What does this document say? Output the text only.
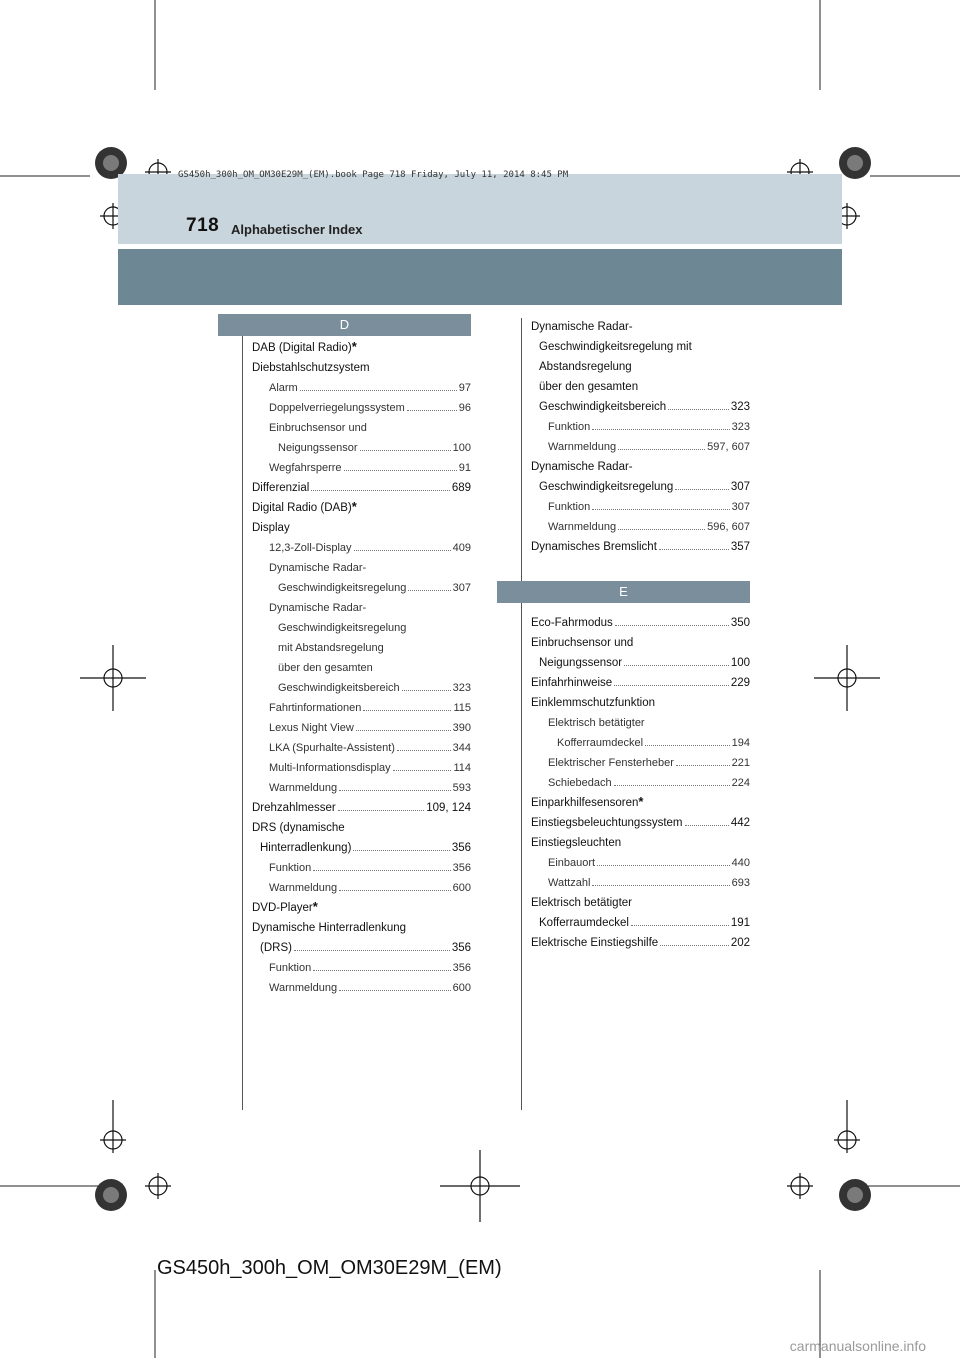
GS450h_300h_OM_OM30E29M_(EM).book Page 718 Friday, July 11, 2014 8:45 PM
718 Alphabetischer Index
D
DAB (Digital Radio) *
Diebstahlschutzsystem
Alarm	97
Doppelverriegelungssystem	96
Einbruchsensor und
Neigungssensor	100
Wegfahrsperre	91
Differenzial	689
Digital Radio (DAB) *
Display
12,3-Zoll-Display	409
Dynamische Radar-
Geschwindigkeitsregelung	307
Dynamische Radar-
Geschwindigkeitsregelung
mit Abstandsregelung
über den gesamten
Geschwindigkeitsbereich	323
Fahrtinformationen	115
Lexus Night View	390
LKA (Spurhalte-Assistent)	344
Multi-Informationsdisplay	114
Warnmeldung	593
Drehzahlmesser	109, 124
DRS (dynamische
Hinterradlenkung)	356
Funktion	356
Warnmeldung	600
DVD-Player *
Dynamische Hinterradlenkung
(DRS)	356
Funktion	356
Warnmeldung	600
Dynamische Radar-
Geschwindigkeitsregelung mit
Abstandsregelung
über den gesamten
Geschwindigkeitsbereich	323
Funktion	323
Warnmeldung	597, 607
Dynamische Radar-
Geschwindigkeitsregelung	307
Funktion	307
Warnmeldung	596, 607
Dynamisches Bremslicht	357
E
Eco-Fahrmodus	350
Einbruchsensor und
Neigungssensor	100
Einfahrhinweise	229
Einklemmschutzfunktion
Elektrisch betätigter
Kofferraumdeckel	194
Elektrischer Fensterheber	221
Schiebedach	224
Einparkhilfesensoren *
Einstiegsbeleuchtungssystem	442
Einstiegsleuchten
Einbauort	440
Wattzahl	693
Elektrisch betätigter
Kofferraumdeckel	191
Elektrische Einstiegshilfe	202
GS450h_300h_OM_OM30E29M_(EM)
carmanualsonline.info
